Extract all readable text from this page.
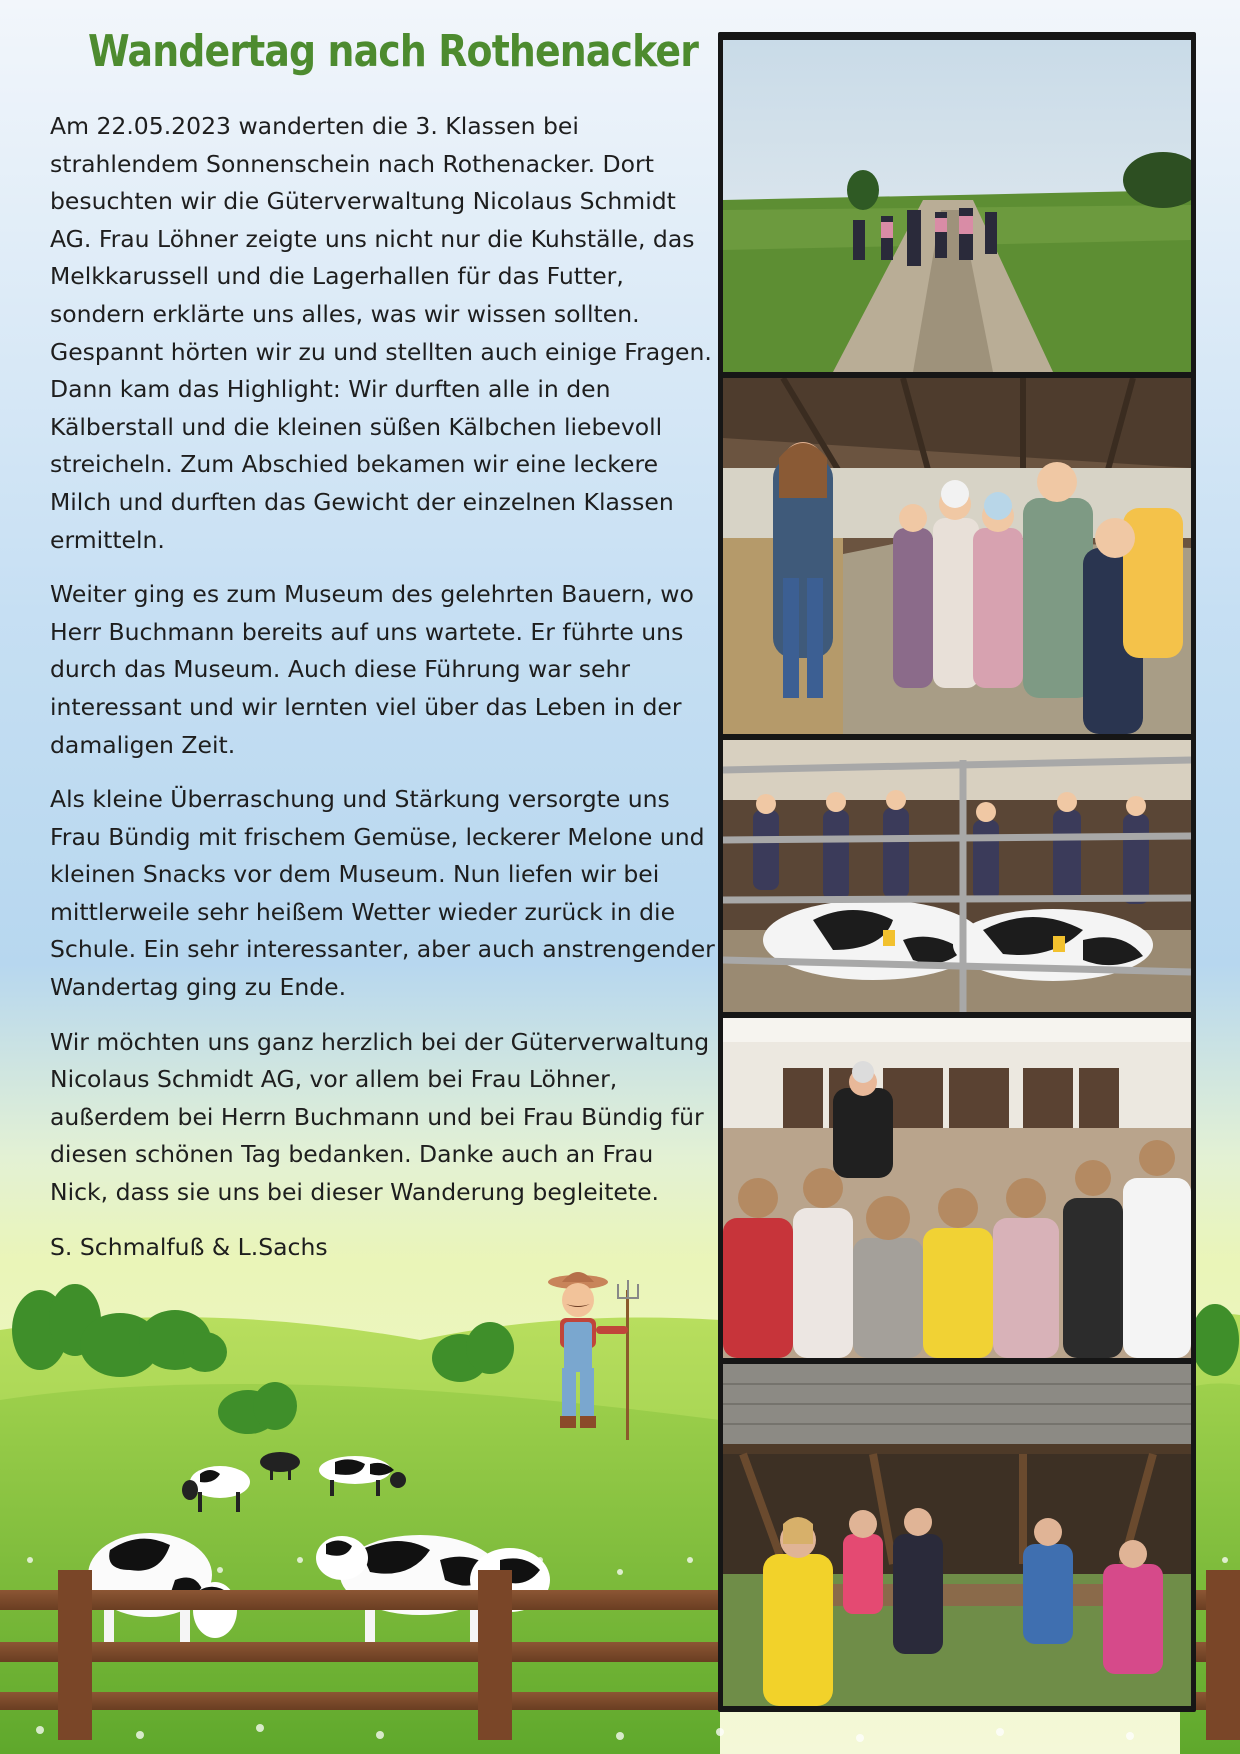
Wandertag nach Rothenacker

Am 22.05.2023 wanderten die 3. Klassen bei strahlendem Sonnenschein nach Rothenacker. Dort besuchten wir die Güterverwaltung Nicolaus Schmidt AG. Frau Löhner zeigte uns nicht nur die Kuhställe, das Melkkarussell und die Lagerhallen für das Futter, sondern erklärte uns alles, was wir wissen sollten. Gespannt hörten wir zu und stellten auch einige Fragen. Dann kam das Highlight: Wir durften alle in den Kälberstall und die kleinen süßen Kälbchen liebevoll streicheln. Zum Abschied bekamen wir eine leckere Milch und durften das Gewicht der einzelnen Klassen ermitteln.

Weiter ging es zum Museum des gelehrten Bauern, wo Herr Buchmann bereits auf uns wartete. Er führte uns durch das Museum. Auch diese Führung war sehr interessant und wir lernten viel über das Leben in der damaligen Zeit.

Als kleine Überraschung und Stärkung versorgte uns Frau Bündig mit frischem Gemüse, leckerer Melone und kleinen Snacks vor dem Museum. Nun liefen wir bei mittlerweile sehr heißem Wetter wieder zurück in die Schule. Ein sehr interessanter, aber auch anstrengender Wandertag ging zu Ende.

Wir möchten uns ganz herzlich bei der Güterverwaltung Nicolaus Schmidt AG, vor allem bei Frau Löhner, außerdem bei Herrn Buchmann und bei Frau Bündig für diesen schönen Tag bedanken. Danke auch an Frau Nick, dass sie uns bei dieser Wanderung begleitete.

S. Schmalfuß & L.Sachs
